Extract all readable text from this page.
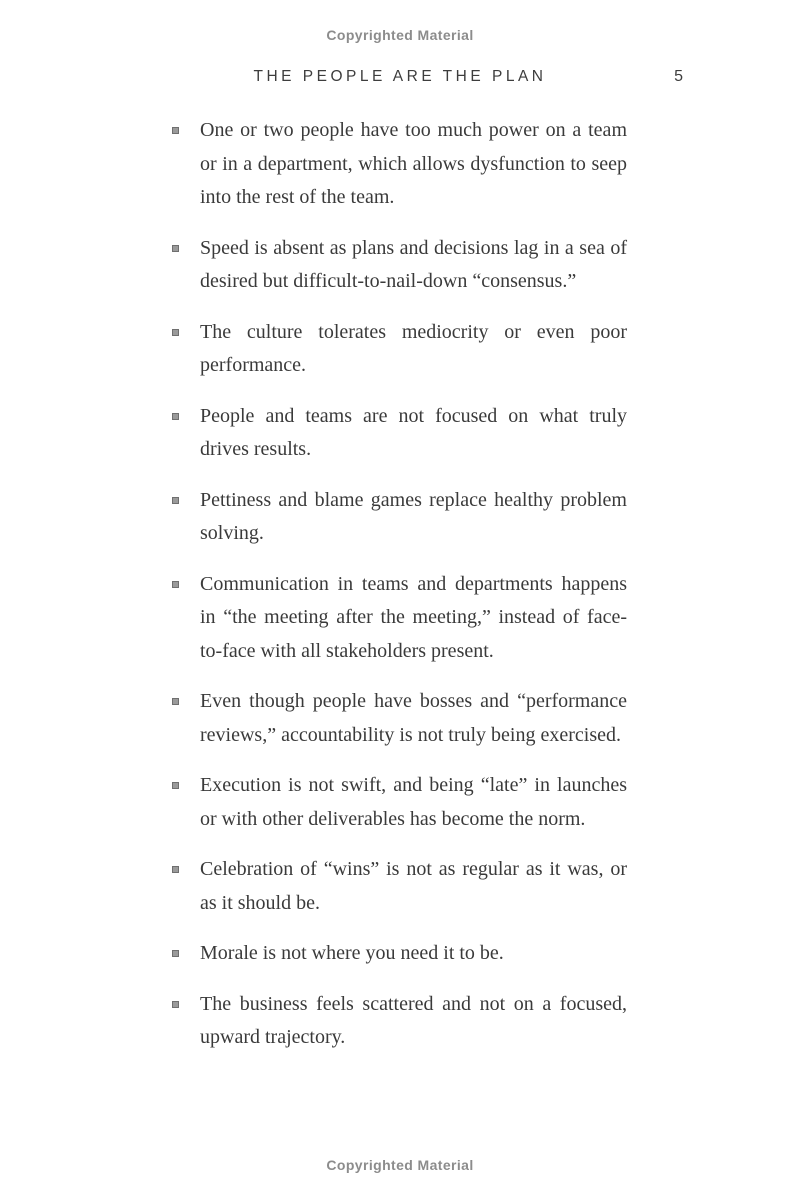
Copyrighted Material
THE PEOPLE ARE THE PLAN	5

One or two people have too much power on a team or in a department, which allows dysfunction to seep into the rest of the team.

Speed is absent as plans and decisions lag in a sea of desired but difficult-to-nail-down “consensus.”

The culture tolerates mediocrity or even poor performance.

People and teams are not focused on what truly drives results.

Pettiness and blame games replace healthy problem solving.

Communication in teams and departments happens in “the meeting after the meeting,” instead of face-to-face with all stakeholders present.

Even though people have bosses and “performance reviews,” accountability is not truly being exercised.

Execution is not swift, and being “late” in launches or with other deliverables has become the norm.

Celebration of “wins” is not as regular as it was, or as it should be.

Morale is not where you need it to be.

The business feels scattered and not on a focused, upward trajectory.

Copyrighted Material
